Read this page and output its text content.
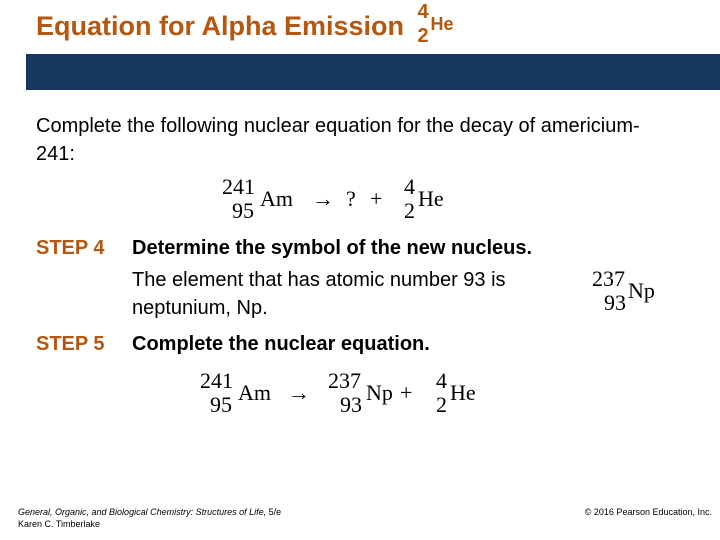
Equation for Alpha Emission 4
2
He
Complete the following nuclear equation for the decay of americium-241:
241
95 Am → ? + 4
2 He
STEP 4 Determine the symbol of the new nucleus.
The element that has atomic number 93 is
neptunium, Np.
237
93 Np
STEP 5 Complete the nuclear equation.
241
95 Am → 237
93 Np + 4
2 He
General, Organic, and Biological Chemistry: Structures of Life, 5/e
Karen C. Timberlake
© 2016 Pearson Education, Inc.
